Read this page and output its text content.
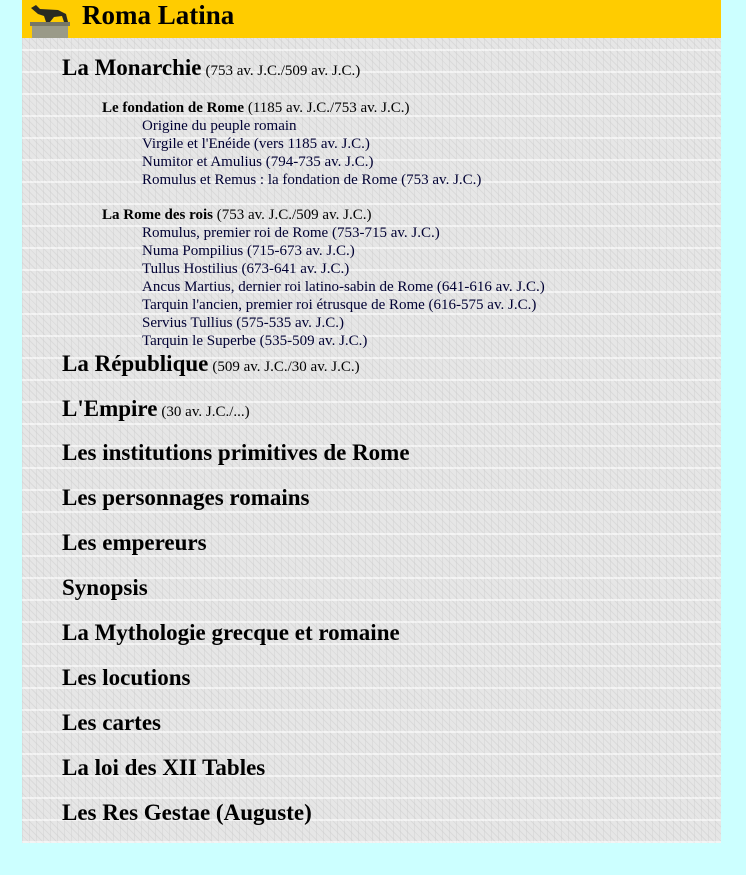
Roma Latina
La Monarchie (753 av. J.C./509 av. J.C.)
Le fondation de Rome (1185 av. J.C./753 av. J.C.)
Origine du peuple romain
Virgile et l'Enéide (vers 1185 av. J.C.)
Numitor et Amulius (794-735 av. J.C.)
Romulus et Remus : la fondation de Rome (753 av. J.C.)
La Rome des rois (753 av. J.C./509 av. J.C.)
Romulus, premier roi de Rome (753-715 av. J.C.)
Numa Pompilius (715-673 av. J.C.)
Tullus Hostilius (673-641 av. J.C.)
Ancus Martius, dernier roi latino-sabin de Rome (641-616 av. J.C.)
Tarquin l'ancien, premier roi étrusque de Rome (616-575 av. J.C.)
Servius Tullius (575-535 av. J.C.)
Tarquin le Superbe (535-509 av. J.C.)
La République (509 av. J.C./30 av. J.C.)
L'Empire (30 av. J.C./...)
Les institutions primitives de Rome
Les personnages romains
Les empereurs
Synopsis
La Mythologie grecque et romaine
Les locutions
Les cartes
La loi des XII Tables
Les Res Gestae (Auguste)
